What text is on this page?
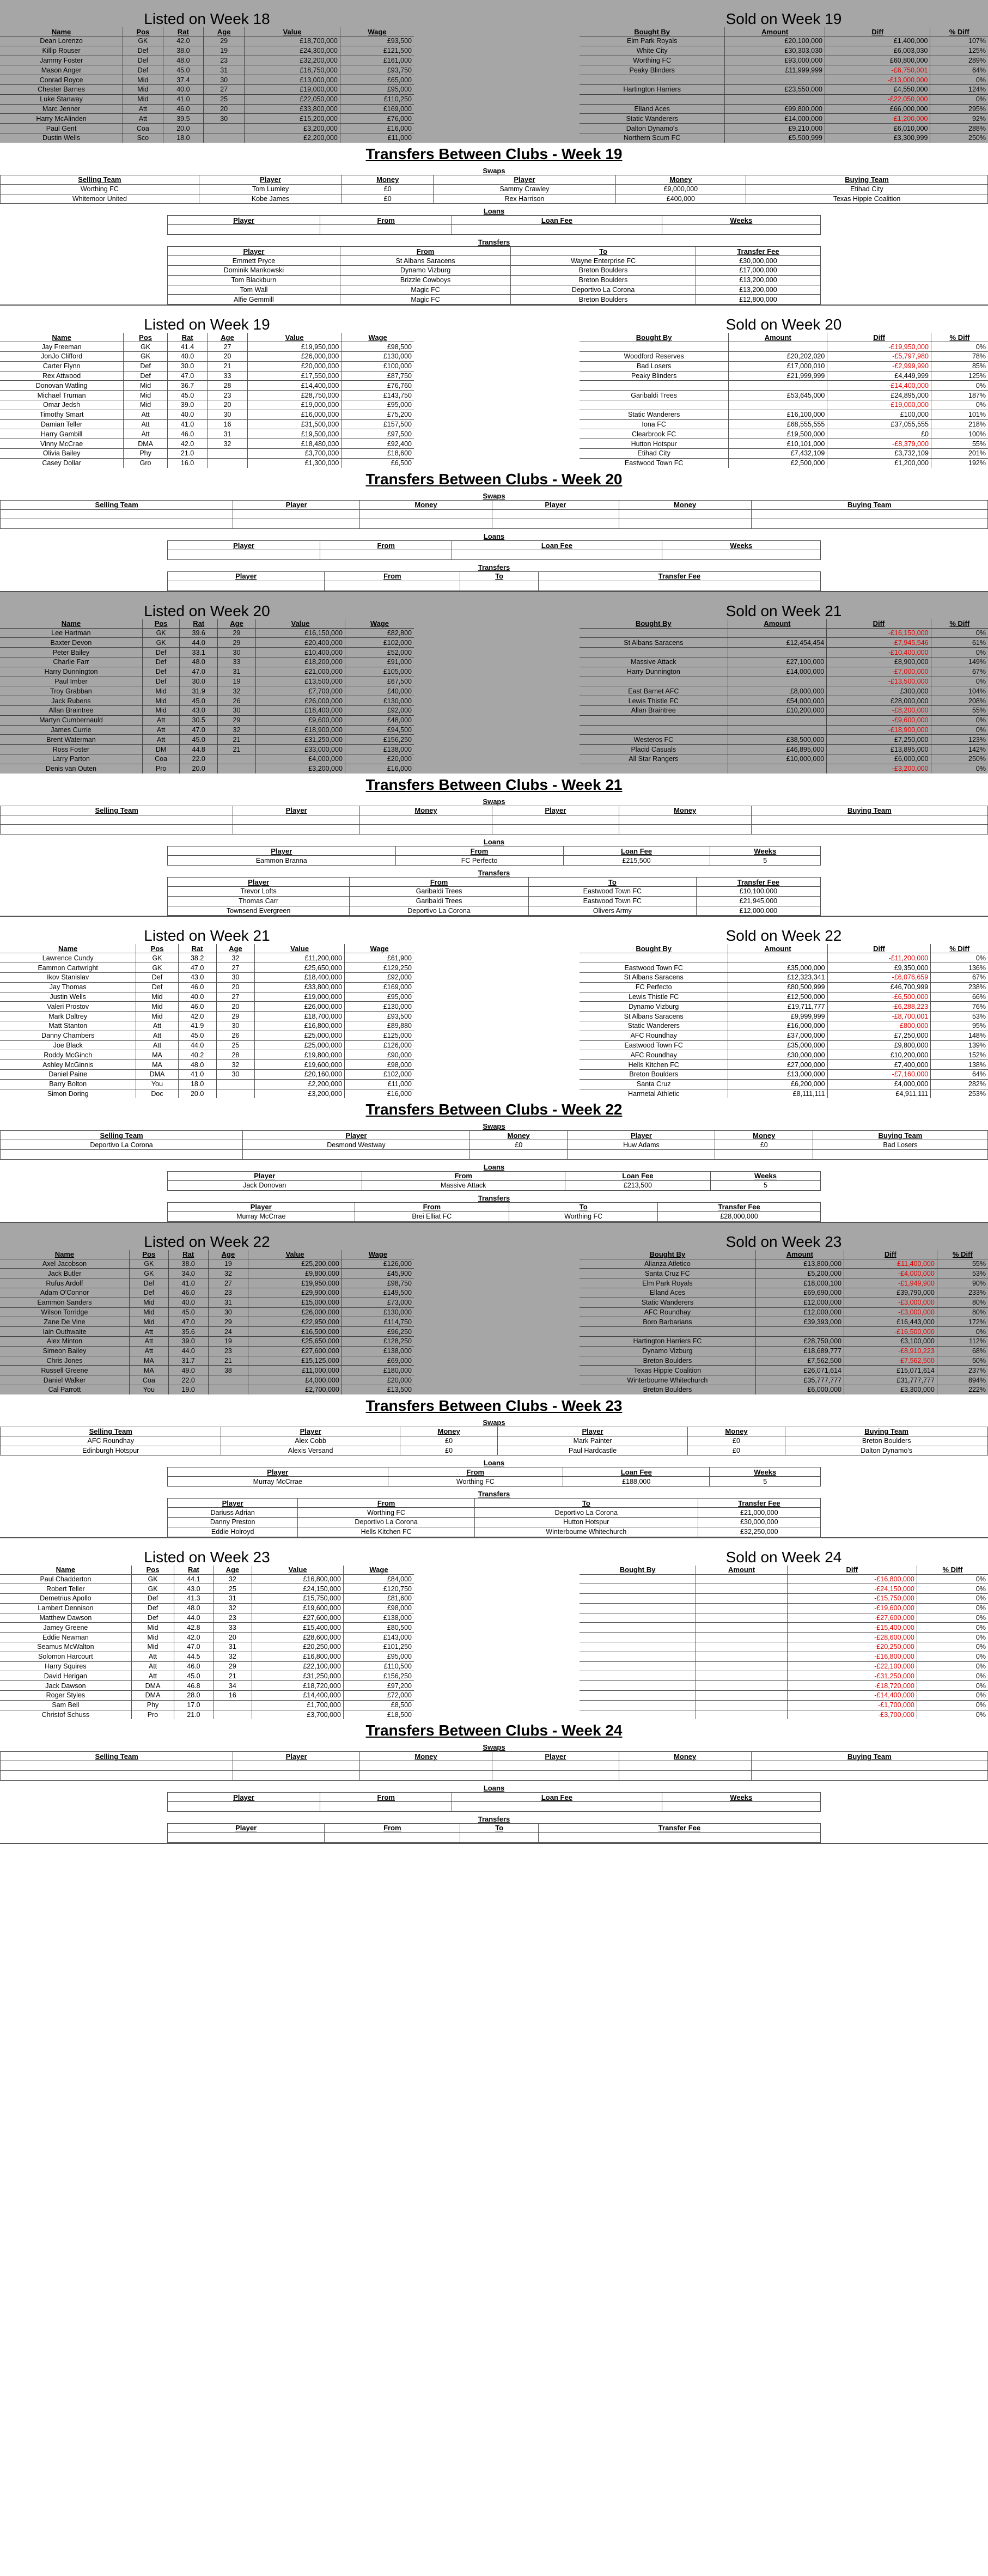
Listed on Week 18
Name	Pos	Rat	Age	Value	Wage
Dean Lorenzo	GK	42.0	29	£18,700,000	£93,500
Killip Rouser	Def	38.0	19	£24,300,000	£121,500
Jammy Foster	Def	48.0	23	£32,200,000	£161,000
Mason Anger	Def	45.0	31	£18,750,000	£93,750
Conrad Royce	Mid	37.4	30	£13,000,000	£65,000
Chester Barnes	Mid	40.0	27	£19,000,000	£95,000
Luke Stanway	Mid	41.0	25	£22,050,000	£110,250
Marc Jenner	Att	46.0	20	£33,800,000	£169,000
Harry McAlinden	Att	39.5	30	£15,200,000	£76,000
Paul Gent	Coa	20.0		£3,200,000	£16,000
Dustin Wells	Sco	18.0		£2,200,000	£11,000
Sold on Week 19
Bought By	Amount	Diff	% Diff
Elm Park Royals	£20,100,000	£1,400,000	107%
White City	£30,303,030	£6,003,030	125%
Worthing FC	£93,000,000	£60,800,000	289%
Peaky Blinders	£11,999,999	-£6,750,001	64%
		-£13,000,000	0%
Hartington Harriers	£23,550,000	£4,550,000	124%
		-£22,050,000	0%
Elland Aces	£99,800,000	£66,000,000	295%
Static Wanderers	£14,000,000	-£1,200,000	92%
Dalton Dynamo's	£9,210,000	£6,010,000	288%
Northern Scum FC	£5,500,999	£3,300,999	250%
Transfers Between Clubs - Week 19
Swaps
Selling Team	Player	Money	Player	Money	Buying Team
Worthing FC	Tom Lumley	£0	Sammy Crawley	£9,000,000	Etihad City
Whitemoor United	Kobe James	£0	Rex Harrison	£400,000	Texas Hippie Coalition
Loans
Player	From	Loan Fee	Weeks

Transfers
Player	From	To	Transfer Fee
Emmett Pryce	St Albans Saracens	Wayne Enterprise FC	£30,000,000
Dominik Mankowski	Dynamo Vizburg	Breton Boulders	£17,000,000
Tom Blackburn	Brizzle Cowboys	Breton Boulders	£13,200,000
Tom Wall	Magic FC	Deportivo La Corona	£13,200,000
Alfie Gemmill	Magic FC	Breton Boulders	£12,800,000
Listed on Week 19
Name	Pos	Rat	Age	Value	Wage
Jay Freeman	GK	41.4	27	£19,950,000	£98,500
JonJo Clifford	GK	40.0	20	£26,000,000	£130,000
Carter Flynn	Def	30.0	21	£20,000,000	£100,000
Rex Attwood	Def	47.0	33	£17,550,000	£87,750
Donovan Watling	Mid	36.7	28	£14,400,000	£76,760
Michael Truman	Mid	45.0	23	£28,750,000	£143,750
Omar Jedsh	Mid	39.0	20	£19,000,000	£95,000
Timothy Smart	Att	40.0	30	£16,000,000	£75,200
Damian Teller	Att	41.0	16	£31,500,000	£157,500
Harry Gambill	Att	46.0	31	£19,500,000	£97,500
Vinny McCrae	DMA	42.0	32	£18,480,000	£92,400
Olivia Bailey	Phy	21.0		£3,700,000	£18,600
Casey Dollar	Gro	16.0		£1,300,000	£6,500
Sold on Week 20
Bought By	Amount	Diff	% Diff
		-£19,950,000	0%
Woodford Reserves	£20,202,020	-£5,797,980	78%
Bad Losers	£17,000,010	-£2,999,990	85%
Peaky Blinders	£21,999,999	£4,449,999	125%
		-£14,400,000	0%
Garibaldi Trees	£53,645,000	£24,895,000	187%
		-£19,000,000	0%
Static Wanderers	£16,100,000	£100,000	101%
Iona FC	£68,555,555	£37,055,555	218%
Clearbrook FC	£19,500,000	£0	100%
Hutton Hotspur	£10,101,000	-£8,379,000	55%
Etihad City	£7,432,109	£3,732,109	201%
Eastwood Town FC	£2,500,000	£1,200,000	192%
Transfers Between Clubs - Week 20
Swaps
Selling Team	Player	Money	Player	Money	Buying Team

Loans
Player	From	Loan Fee	Weeks

Transfers
Player	From	To	Transfer Fee

Listed on Week 20
Name	Pos	Rat	Age	Value	Wage
Lee Hartman	GK	39.6	29	£16,150,000	£82,800
Baxter Devon	GK	44.0	29	£20,400,000	£102,000
Peter Bailey	Def	33.1	30	£10,400,000	£52,000
Charlie Farr	Def	48.0	33	£18,200,000	£91,000
Harry Dunnington	Def	47.0	31	£21,000,000	£105,000
Paul Imber	Def	30.0	19	£13,500,000	£67,500
Troy Grabban	Mid	31.9	32	£7,700,000	£40,000
Jack Rubens	Mid	45.0	26	£26,000,000	£130,000
Allan Braintree	Mid	43.0	30	£18,400,000	£92,000
Martyn Cumbernauld	Att	30.5	29	£9,600,000	£48,000
James Currie	Att	47.0	32	£18,900,000	£94,500
Brent Waterman	Att	45.0	21	£31,250,000	£156,250
Ross Foster	DM	44.8	21	£33,000,000	£138,000
Larry Parton	Coa	22.0		£4,000,000	£20,000
Denis van Outen	Pro	20.0		£3,200,000	£16,000
Sold on Week 21
Bought By	Amount	Diff	% Diff
		-£16,150,000	0%
St Albans Saracens	£12,454,454	-£7,945,546	61%
		-£10,400,000	0%
Massive Attack	£27,100,000	£8,900,000	149%
Harry Dunnington	£14,000,000	-£7,000,000	67%
		-£13,500,000	0%
East Barnet AFC	£8,000,000	£300,000	104%
Lewis Thistle FC	£54,000,000	£28,000,000	208%
Allan Braintree	£10,200,000	-£8,200,000	55%
		-£9,600,000	0%
		-£18,900,000	0%
Westeros FC	£38,500,000	£7,250,000	123%
Placid Casuals	£46,895,000	£13,895,000	142%
All Star Rangers	£10,000,000	£6,000,000	250%
		-£3,200,000	0%
Transfers Between Clubs - Week 21
Swaps
Selling Team	Player	Money	Player	Money	Buying Team

Loans
Player	From	Loan Fee	Weeks
Eammon Branna	FC Perfecto	£215,500	5
Transfers
Player	From	To	Transfer Fee
Trevor Lofts	Garibaldi Trees	Eastwood Town FC	£10,100,000
Thomas Carr	Garibaldi Trees	Eastwood Town FC	£21,945,000
Townsend Evergreen	Deportivo La Corona	Olivers Army	£12,000,000
Listed on Week 21
Name	Pos	Rat	Age	Value	Wage
Lawrence Cundy	GK	38.2	32	£11,200,000	£61,900
Eammon Cartwright	GK	47.0	27	£25,650,000	£129,250
Ikov Stanislav	Def	43.0	30	£18,400,000	£92,000
Jay Thomas	Def	46.0	20	£33,800,000	£169,000
Justin Wells	Mid	40.0	27	£19,000,000	£95,000
Valeri Prostov	Mid	46.0	20	£26,000,000	£130,000
Mark Daltrey	Mid	42.0	29	£18,700,000	£93,500
Matt Stanton	Att	41.9	30	£16,800,000	£89,880
Danny Chambers	Att	45.0	26	£25,000,000	£125,000
Joe Black	Att	44.0	25	£25,000,000	£126,000
Roddy McGinch	MA	40.2	28	£19,800,000	£90,000
Ashley McGinnis	MA	48.0	32	£19,600,000	£98,000
Daniel Paine	DMA	41.0	30	£20,160,000	£102,000
Barry Bolton	You	18.0		£2,200,000	£11,000
Simon Doring	Doc	20.0		£3,200,000	£16,000
Sold on Week 22
Bought By	Amount	Diff	% Diff
		-£11,200,000	0%
Eastwood Town FC	£35,000,000	£9,350,000	136%
St Albans Saracens	£12,323,341	-£6,076,659	67%
FC Perfecto	£80,500,999	£46,700,999	238%
Lewis Thistle FC	£12,500,000	-£6,500,000	66%
Dynamo Vizburg	£19,711,777	-£6,288,223	76%
St Albans Saracens	£9,999,999	-£8,700,001	53%
Static Wanderers	£16,000,000	-£800,000	95%
AFC Roundhay	£37,000,000	£7,250,000	148%
Eastwood Town FC	£35,000,000	£9,800,000	139%
AFC Roundhay	£30,000,000	£10,200,000	152%
Hells Kitchen FC	£27,000,000	£7,400,000	138%
Breton Boulders	£13,000,000	-£7,160,000	64%
Santa Cruz	£6,200,000	£4,000,000	282%
Harmetal Athletic	£8,111,111	£4,911,111	253%
Transfers Between Clubs - Week 22
Swaps
Selling Team	Player	Money	Player	Money	Buying Team
Deportivo La Corona	Desmond Westway	£0	Huw Adams	£0	Bad Losers

Loans
Player	From	Loan Fee	Weeks
Jack Donovan	Massive Attack	£213,500	5
Transfers
Player	From	To	Transfer Fee
Murray McCrrae	Brei Elliat FC	Worthing FC	£28,000,000
Listed on Week 22
Name	Pos	Rat	Age	Value	Wage
Axel Jacobson	GK	38.0	19	£25,200,000	£126,000
Jack Butler	GK	34.0	32	£9,800,000	£45,900
Rufus Ardolf	Def	41.0	27	£19,950,000	£98,750
Adam O'Connor	Def	46.0	23	£29,900,000	£149,500
Eammon Sanders	Mid	40.0	31	£15,000,000	£73,000
Wilson Torridge	Mid	45.0	30	£26,000,000	£130,000
Zane De Vine	Mid	47.0	29	£22,950,000	£114,750
Iain Outhwaite	Att	35.6	24	£16,500,000	£96,250
Alex Minton	Att	39.0	19	£25,650,000	£128,250
Simeon Bailey	Att	44.0	23	£27,600,000	£138,000
Chris Jones	MA	31.7	21	£15,125,000	£69,000
Russell Greene	MA	49.0	38	£11,000,000	£180,000
Daniel Walker	Coa	22.0		£4,000,000	£20,000
Cal Parrott	You	19.0		£2,700,000	£13,500
Sold on Week 23
Bought By	Amount	Diff	% Diff
Alianza Atletico	£13,800,000	-£11,400,000	55%
Santa Cruz FC	£5,200,000	-£4,000,000	53%
Elm Park Royals	£18,000,100	-£1,949,900	90%
Elland Aces	£69,690,000	£39,790,000	233%
Static Wanderers	£12,000,000	-£3,000,000	80%
AFC Roundhay	£12,000,000	-£3,000,000	80%
Boro Barbarians	£39,393,000	£16,443,000	172%
		-£16,500,000	0%
Hartington Harriers FC	£28,750,000	£3,100,000	112%
Dynamo Vizburg	£18,689,777	-£8,910,223	68%
Breton Boulders	£7,562,500	-£7,562,500	50%
Texas Hippie Coalition	£26,071,614	£15,071,614	237%
Winterbourne Whitechurch	£35,777,777	£31,777,777	894%
Breton Boulders	£6,000,000	£3,300,000	222%
Transfers Between Clubs - Week 23
Swaps
Selling Team	Player	Money	Player	Money	Buying Team
AFC Roundhay	Alex Cobb	£0	Mark Painter	£0	Breton Boulders
Edinburgh Hotspur	Alexis Versand	£0	Paul Hardcastle	£0	Dalton Dynamo's
Loans
Player	From	Loan Fee	Weeks
Murray McCrrae	Worthing FC	£188,000	5
Transfers
Player	From	To	Transfer Fee
Dariuss Adrian	Worthing FC	Deportivo La Corona	£21,000,000
Danny Preston	Deportivo La Corona	Hutton Hotspur	£30,000,000
Eddie Holroyd	Hells Kitchen FC	Winterbourne Whitechurch	£32,250,000
Listed on Week 23
Name	Pos	Rat	Age	Value	Wage
Paul Chadderton	GK	44.1	32	£16,800,000	£84,000
Robert Teller	GK	43.0	25	£24,150,000	£120,750
Demetrius Apollo	Def	41.3	31	£15,750,000	£81,600
Lambert Dennison	Def	48.0	32	£19,600,000	£98,000
Matthew Dawson	Def	44.0	23	£27,600,000	£138,000
Jamey Greene	Mid	42.8	33	£15,400,000	£80,500
Eddie Newman	Mid	42.0	20	£28,600,000	£143,000
Seamus McWalton	Mid	47.0	31	£20,250,000	£101,250
Solomon Harcourt	Att	44.5	32	£16,800,000	£95,000
Harry Squires	Att	46.0	29	£22,100,000	£110,500
David Herigan	Att	45.0	21	£31,250,000	£156,250
Jack Dawson	DMA	46.8	34	£18,720,000	£97,200
Roger Styles	DMA	28.0	16	£14,400,000	£72,000
Sam Bell	Phy	17.0		£1,700,000	£8,500
Christof Schuss	Pro	21.0		£3,700,000	£18,500
Sold on Week 24
Bought By	Amount	Diff	% Diff
		-£16,800,000	0%
		-£24,150,000	0%
		-£15,750,000	0%
		-£19,600,000	0%
		-£27,600,000	0%
		-£15,400,000	0%
		-£28,600,000	0%
		-£20,250,000	0%
		-£16,800,000	0%
		-£22,100,000	0%
		-£31,250,000	0%
		-£18,720,000	0%
		-£14,400,000	0%
		-£1,700,000	0%
		-£3,700,000	0%
Transfers Between Clubs - Week 24
Swaps
Selling Team	Player	Money	Player	Money	Buying Team

Loans
Player	From	Loan Fee	Weeks

Transfers
Player	From	To	Transfer Fee
